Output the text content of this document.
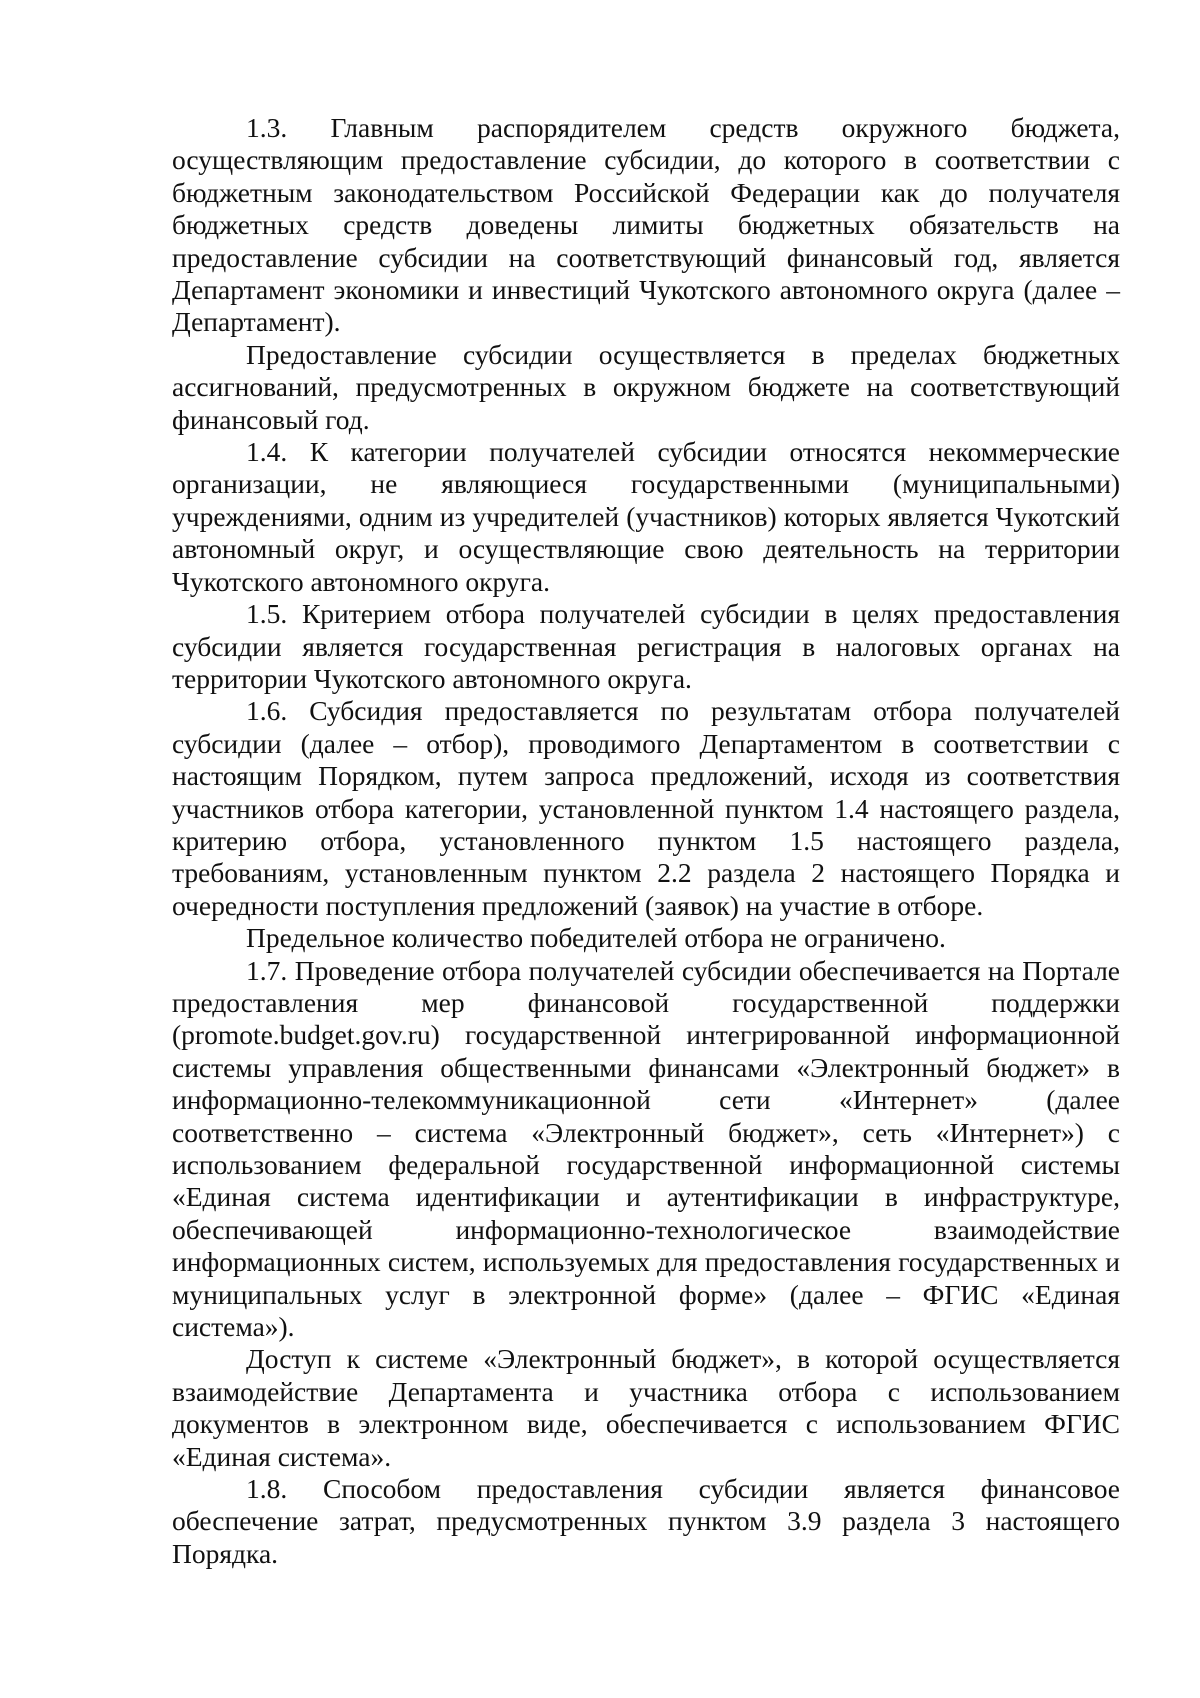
1.3. Главным распорядителем средств окружного бюджета, осуществляющим предоставление субсидии, до которого в соответствии с бюджетным законодательством Российской Федерации как до получателя бюджетных средств доведены лимиты бюджетных обязательств на предоставление субсидии на соответствующий финансовый год, является Департамент экономики и инвестиций Чукотского автономного округа (далее – Департамент).

Предоставление субсидии осуществляется в пределах бюджетных ассигнований, предусмотренных в окружном бюджете на соответствующий финансовый год.

1.4. К категории получателей субсидии относятся некоммерческие организации, не являющиеся государственными (муниципальными) учреждениями, одним из учредителей (участников) которых является Чукотский автономный округ, и осуществляющие свою деятельность на территории Чукотского автономного округа.

1.5. Критерием отбора получателей субсидии в целях предоставления субсидии является государственная регистрация в налоговых органах на территории Чукотского автономного округа.

1.6. Субсидия предоставляется по результатам отбора получателей субсидии (далее – отбор), проводимого Департаментом в соответствии с настоящим Порядком, путем запроса предложений, исходя из соответствия участников отбора категории, установленной пунктом 1.4 настоящего раздела, критерию отбора, установленного пунктом 1.5 настоящего раздела, требованиям, установленным пунктом 2.2 раздела 2 настоящего Порядка и очередности поступления предложений (заявок) на участие в отборе.

Предельное количество победителей отбора не ограничено.

1.7. Проведение отбора получателей субсидии обеспечивается на Портале предоставления мер финансовой государственной поддержки (promote.budget.gov.ru) государственной интегрированной информационной системы управления общественными финансами «Электронный бюджет» в информационно-телекоммуникационной сети «Интернет» (далее соответственно – система «Электронный бюджет», сеть «Интернет») с использованием федеральной государственной информационной системы «Единая система идентификации и аутентификации в инфраструктуре, обеспечивающей информационно-технологическое взаимодействие информационных систем, используемых для предоставления государственных и муниципальных услуг в электронной форме» (далее – ФГИС «Единая система»).

Доступ к системе «Электронный бюджет», в которой осуществляется взаимодействие Департамента и участника отбора с использованием документов в электронном виде, обеспечивается с использованием ФГИС «Единая система».

1.8. Способом предоставления субсидии является финансовое обеспечение затрат, предусмотренных пунктом 3.9 раздела 3 настоящего Порядка.
